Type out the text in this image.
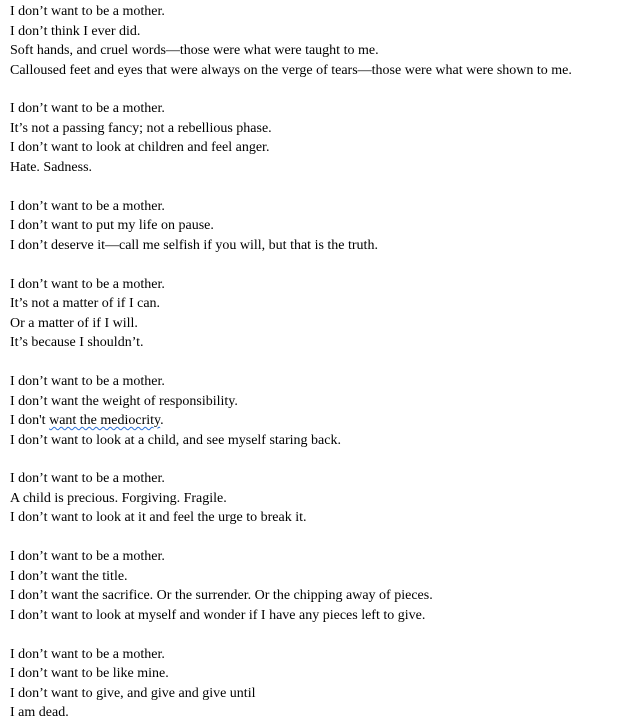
I don’t want to be a mother.
I don’t think I ever did.
Soft hands, and cruel words—those were what were taught to me.
Calloused feet and eyes that were always on the verge of tears—those were what were shown to me.
I don’t want to be a mother.
It’s not a passing fancy; not a rebellious phase.
I don’t want to look at children and feel anger.
Hate. Sadness.
I don’t want to be a mother.
I don’t want to put my life on pause.
I don’t deserve it—call me selfish if you will, but that is the truth.
I don’t want to be a mother.
It’s not a matter of if I can.
Or a matter of if I will.
It’s because I shouldn’t.
I don’t want to be a mother.
I don’t want the weight of responsibility.
I don't want the mediocrity.
I don’t want to look at a child, and see myself staring back.
I don’t want to be a mother.
A child is precious. Forgiving. Fragile.
I don’t want to look at it and feel the urge to break it.
I don’t want to be a mother.
I don’t want the title.
I don’t want the sacrifice. Or the surrender. Or the chipping away of pieces.
I don’t want to look at myself and wonder if I have any pieces left to give.
I don’t want to be a mother.
I don’t want to be like mine.
I don’t want to give, and give and give until
I am dead.
